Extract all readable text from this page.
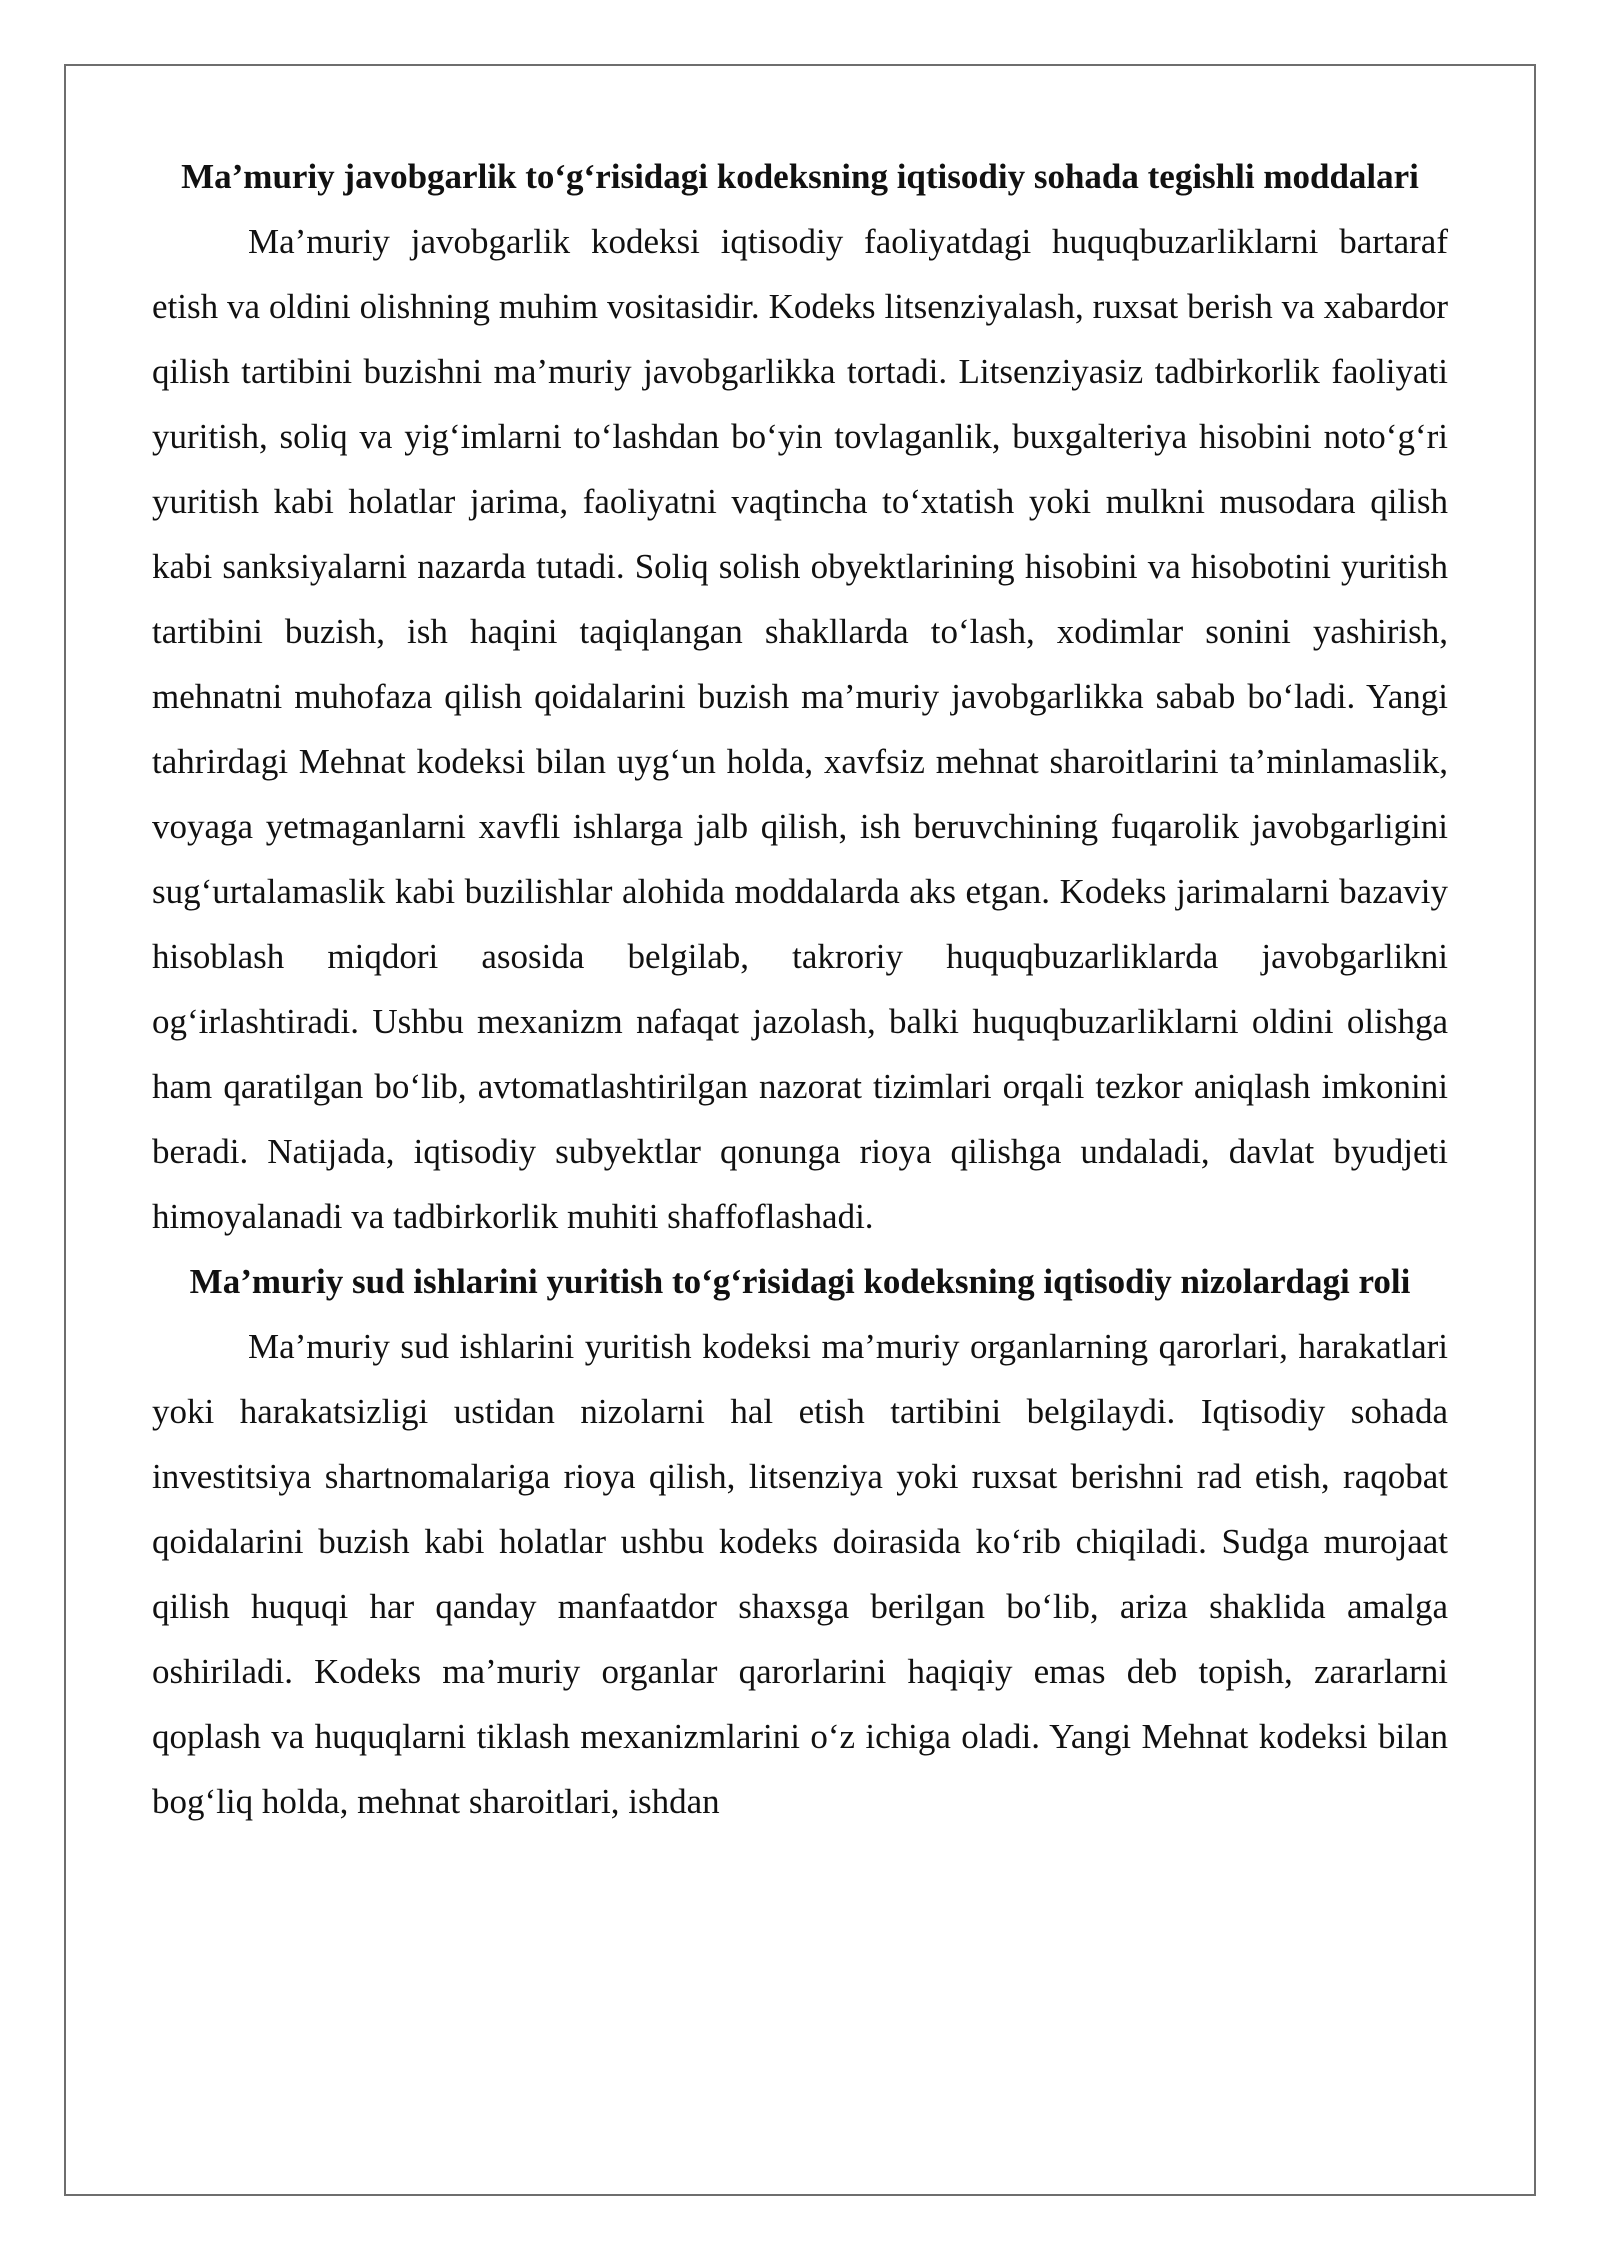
Ma’muriy javobgarlik to‘g‘risidagi kodeksning iqtisodiy sohada tegishli moddalari

Ma’muriy javobgarlik kodeksi iqtisodiy faoliyatdagi huquqbuzarliklarni bartaraf etish va oldini olishning muhim vositasidir. Kodeks litsenziyalash, ruxsat berish va xabardor qilish tartibini buzishni ma’muriy javobgarlikka tortadi. Litsenziyasiz tadbirkorlik faoliyati yuritish, soliq va yig‘imlarni to‘lashdan bo‘yin tovlaganlik, buxgalteriya hisobini noto‘g‘ri yuritish kabi holatlar jarima, faoliyatni vaqtincha to‘xtatish yoki mulkni musodara qilish kabi sanksiyalarni nazarda tutadi. Soliq solish obyektlarining hisobini va hisobotini yuritish tartibini buzish, ish haqini taqiqlangan shakllarda to‘lash, xodimlar sonini yashirish, mehnatni muhofaza qilish qoidalarini buzish ma’muriy javobgarlikka sabab bo‘ladi. Yangi tahrirdagi Mehnat kodeksi bilan uyg‘un holda, xavfsiz mehnat sharoitlarini ta’minlamaslik, voyaga yetmaganlarni xavfli ishlarga jalb qilish, ish beruvchining fuqarolik javobgarligini sug‘urtalamaslik kabi buzilishlar alohida moddalarda aks etgan. Kodeks jarimalarni bazaviy hisoblash miqdori asosida belgilab, takroriy huquqbuzarliklarda javobgarlikni og‘irlashtiradi. Ushbu mexanizm nafaqat jazolash, balki huquqbuzarliklarni oldini olishga ham qaratilgan bo‘lib, avtomatlashtirilgan nazorat tizimlari orqali tezkor aniqlash imkonini beradi. Natijada, iqtisodiy subyektlar qonunga rioya qilishga undaladi, davlat byudjeti himoyalanadi va tadbirkorlik muhiti shaffoflashadi.

Ma’muriy sud ishlarini yuritish to‘g‘risidagi kodeksning iqtisodiy nizolardagi roli

Ma’muriy sud ishlarini yuritish kodeksi ma’muriy organlarning qarorlari, harakatlari yoki harakatsizligi ustidan nizolarni hal etish tartibini belgilaydi. Iqtisodiy sohada investitsiya shartnomalariga rioya qilish, litsenziya yoki ruxsat berishni rad etish, raqobat qoidalarini buzish kabi holatlar ushbu kodeks doirasida ko‘rib chiqiladi. Sudga murojaat qilish huquqi har qanday manfaatdor shaxsga berilgan bo‘lib, ariza shaklida amalga oshiriladi. Kodeks ma’muriy organlar qarorlarini haqiqiy emas deb topish, zararlarni qoplash va huquqlarni tiklash mexanizmlarini o‘z ichiga oladi. Yangi Mehnat kodeksi bilan bog‘liq holda, mehnat sharoitlari, ishdan
